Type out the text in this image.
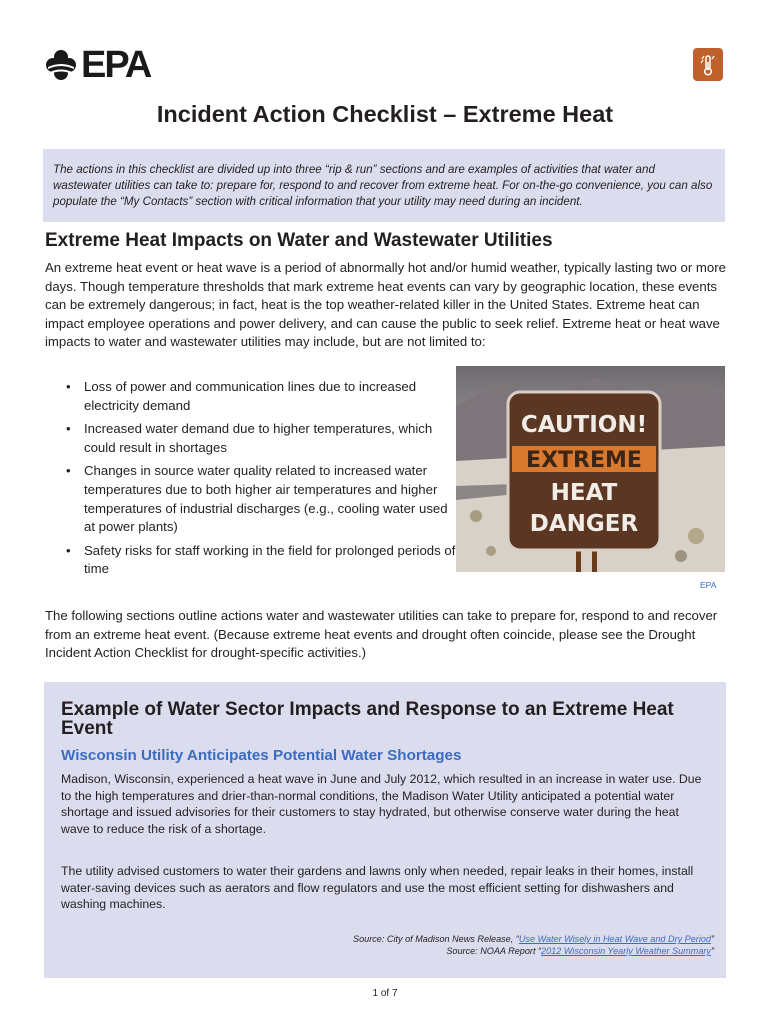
EPA
Incident Action Checklist – Extreme Heat
The actions in this checklist are divided up into three “rip & run” sections and are examples of activities that water and wastewater utilities can take to: prepare for, respond to and recover from extreme heat. For on-the-go convenience, you can also populate the “My Contacts” section with critical information that your utility may need during an incident.
Extreme Heat Impacts on Water and Wastewater Utilities

An extreme heat event or heat wave is a period of abnormally hot and/or humid weather, typically lasting two or more days. Though temperature thresholds that mark extreme heat events can vary by geographic location, these events can be extremely dangerous; in fact, heat is the top weather-related killer in the United States. Extreme heat can impact employee operations and power delivery, and can cause the public to seek relief. Extreme heat or heat wave impacts to water and wastewater utilities may include, but are not limited to:

• Loss of power and communication lines due to increased electricity demand
• Increased water demand due to higher temperatures, which could result in shortages
• Changes in source water quality related to increased water temperatures due to both higher air temperatures and higher temperatures of industrial discharges (e.g., cooling water used at power plants)
• Safety risks for staff working in the field for prolonged periods of time
CAUTION!
EXTREME
HEAT
DANGER
EPA

The following sections outline actions water and wastewater utilities can take to prepare for, respond to and recover from an extreme heat event. (Because extreme heat events and drought often coincide, please see the Drought Incident Action Checklist for drought-specific activities.)

Example of Water Sector Impacts and Response to an Extreme Heat Event
Wisconsin Utility Anticipates Potential Water Shortages

Madison, Wisconsin, experienced a heat wave in June and July 2012, which resulted in an increase in water use. Due to the high temperatures and drier-than-normal conditions, the Madison Water Utility anticipated a potential water shortage and issued advisories for their customers to stay hydrated, but otherwise conserve water during the heat wave to reduce the risk of a shortage.

The utility advised customers to water their gardens and lawns only when needed, repair leaks in their homes, install water-saving devices such as aerators and flow regulators and use the most efficient setting for dishwashers and washing machines.

Source: City of Madison News Release, “Use Water Wisely in Heat Wave and Dry Period”
Source: NOAA Report “2012 Wisconsin Yearly Weather Summary”
1 of 7
